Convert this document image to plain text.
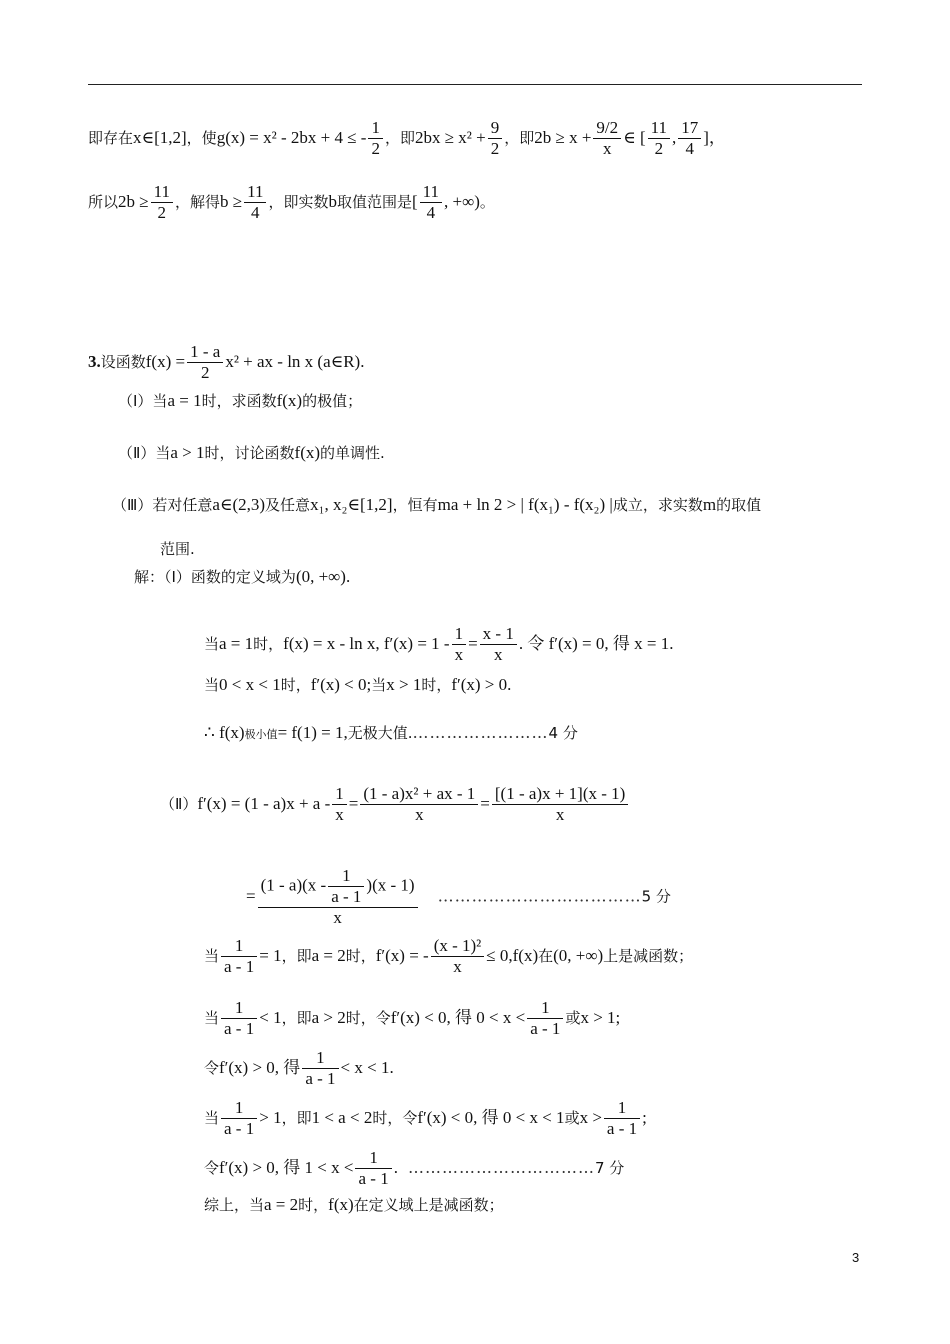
即存在x∈[1,2]，使g(x) = x² - 2bx + 4 ≤ - $\frac{1}{2}$ ，即$2bx \ge x^2 + \frac{9}{2}$ ，即$2b \ge x + \frac{9/2}{x}$ ∈ [ $\frac{11}{2}$ , $\frac{17}{4}$ ]，
所以$2b \ge \frac{11}{2}$ ，解得$b \ge \frac{11}{4}$ ，即实数b取值范围是[ $\frac{11}{4}$ , +∞)。
3.设函数$f(x) = \frac{1 - a}{2} x^2$ + ax - ln x (a∈R).
（Ⅰ）当a = 1时，求函数f(x)的极值；
（Ⅱ）当a > 1时，讨论函数f(x)的单调性.
（Ⅲ）若对任意a∈(2,3)及任意x₁, x₂∈[1,2]，恒有ma + ln 2 > | f(x₁) - f(x₂) |成立，求实数m的取值
范围.
解：（Ⅰ）函数的定义域为(0, +∞).
当a = 1时，f(x) = x - ln x, $f'(x) = 1 - \frac{1}{x} = \frac{x - 1}{x}$ . 令 f′(x) = 0, 得 x = 1.
当0 < x < 1时，f′(x) < 0;当x > 1时，f′(x) > 0.
∴ f(x)极小值= f(1) = 1,无极大值.……………………4 分
（Ⅱ）f′(x) = $(1 - a)x + a - \frac{1}{x} = \frac{\text{(1 - a)x² + ax - 1}}{x} = \frac{[(1 - a)x + 1](x - 1)}{x}$
= $\frac{(1 - a)(x - \frac{1}{a - 1} )(x - 1)}{x}$ ………………………………5 分
当 $\frac{1}{a - 1} = 1$，即a = 2时，f′(x) = - $\frac{\text{(x - 1)²}}{x} \le 0,f(x)$在(0, +∞)上是减函数；
当 $\frac{1}{a - 1} < 1$，即a > 2时，令f′(x) < 0, 得 $0 < x < \frac{1}{a - 1}$ 或x > 1;
令f′(x) > 0, 得 $\frac{1}{a - 1} < x < 1$.
当 $\frac{1}{a - 1} > 1$，即1 < a < 2时，令f′(x) < 0, 得 0 < x < 1或$x > \frac{1}{a - 1}$ ;
令f′(x) > 0, 得 $1 < x < \frac{1}{a - 1}$ . ……………………………7 分
综上，当a = 2时，f(x)在定义域上是减函数；
3
